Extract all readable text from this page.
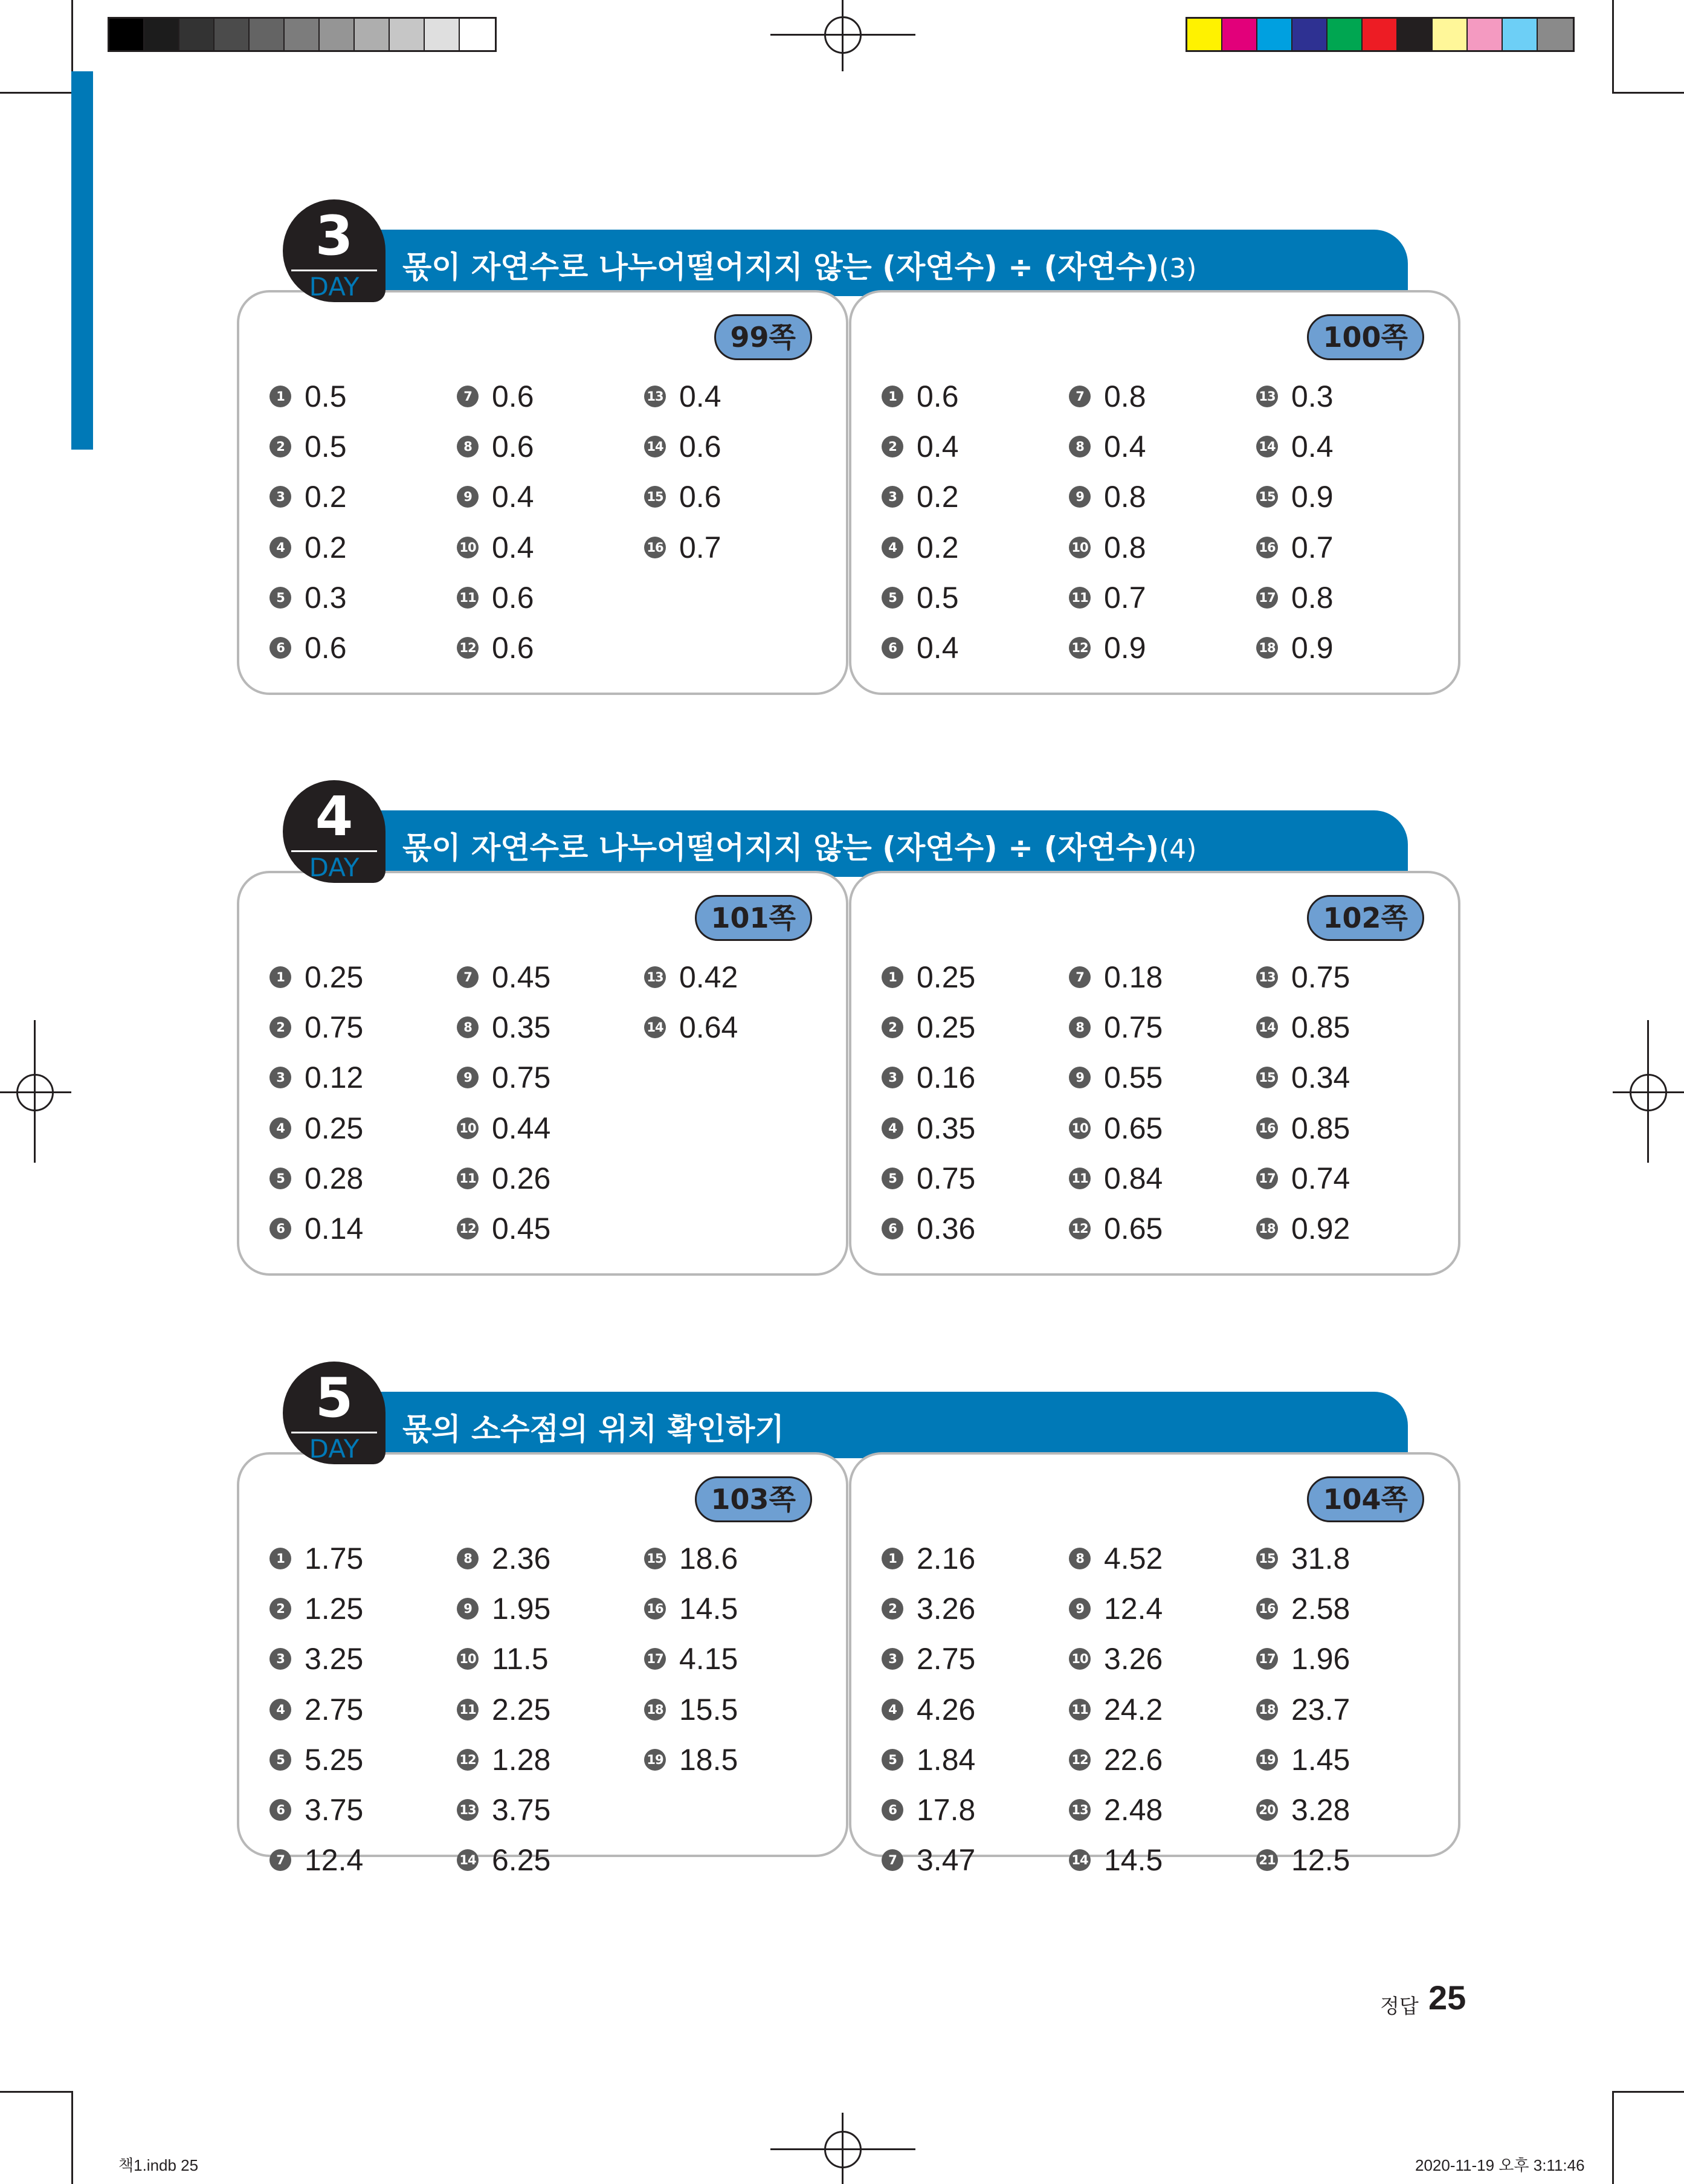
몫이 자연수로 나누어떨어지지 않는 (자연수) ÷ (자연수)(3)
99쪽
1 0.5
2 0.5
3 0.2
4 0.2
5 0.3
6 0.6
7 0.6
8 0.6
9 0.4
10 0.4
11 0.6
12 0.6
13 0.4
14 0.6
15 0.6
16 0.7
100쪽
1 0.6
2 0.4
3 0.2
4 0.2
5 0.5
6 0.4
7 0.8
8 0.4
9 0.8
10 0.8
11 0.7
12 0.9
13 0.3
14 0.4
15 0.9
16 0.7
17 0.8
18 0.9
3
DAY
몫이 자연수로 나누어떨어지지 않는 (자연수) ÷ (자연수)(4)
101쪽
1 0.25
2 0.75
3 0.12
4 0.25
5 0.28
6 0.14
7 0.45
8 0.35
9 0.75
10 0.44
11 0.26
12 0.45
13 0.42
14 0.64
102쪽
1 0.25
2 0.25
3 0.16
4 0.35
5 0.75
6 0.36
7 0.18
8 0.75
9 0.55
10 0.65
11 0.84
12 0.65
13 0.75
14 0.85
15 0.34
16 0.85
17 0.74
18 0.92
4
DAY
몫의 소수점의 위치 확인하기
103쪽
1 1.75
2 1.25
3 3.25
4 2.75
5 5.25
6 3.75
7 12.4
8 2.36
9 1.95
10 11.5
11 2.25
12 1.28
13 3.75
14 6.25
15 18.6
16 14.5
17 4.15
18 15.5
19 18.5
104쪽
1 2.16
2 3.26
3 2.75
4 4.26
5 1.84
6 17.8
7 3.47
8 4.52
9 12.4
10 3.26
11 24.2
12 22.6
13 2.48
14 14.5
15 31.8
16 2.58
17 1.96
18 23.7
19 1.45
20 3.28
21 12.5
5
DAY
정답 25
책1.indb 25	2020-11-19 오후 3:11:46
